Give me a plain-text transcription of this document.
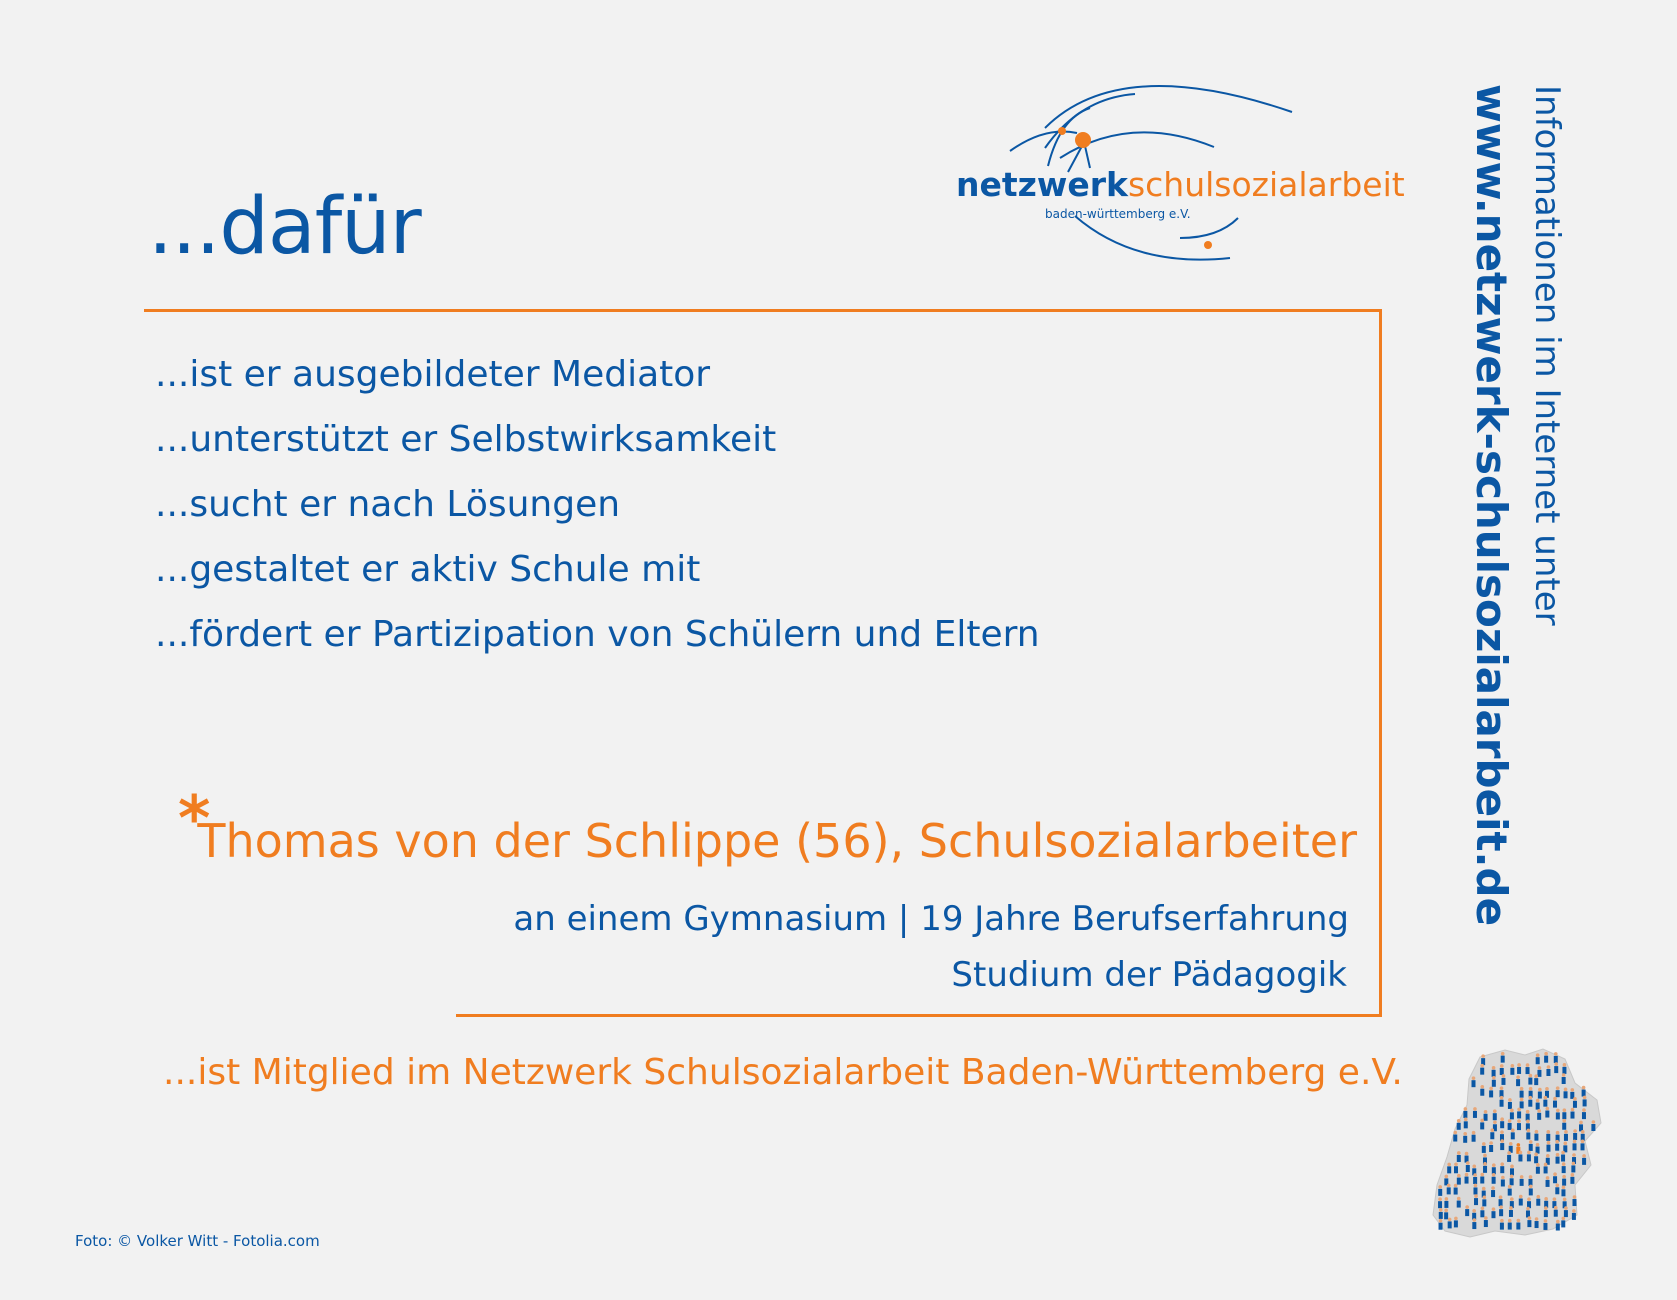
...dafür	netzwerkschulsozialarbeit
baden-württemberg e.V.
...ist er ausgebildeter Mediator
...unterstützt er Selbstwirksamkeit
...sucht er nach Lösungen
...gestaltet er aktiv Schule mit
...fördert er Partizipation von Schülern und Eltern
*
Thomas von der Schlippe (56), Schulsozialarbeiter
an einem Gymnasium | 19 Jahre Berufserfahrung
Studium der Pädagogik
...ist Mitglied im Netzwerk Schulsozialarbeit Baden-Württemberg e.V.
Foto: © Volker Witt - Fotolia.com
Informationen im Internet unter
www.netzwerk-schulsozialarbeit.de
